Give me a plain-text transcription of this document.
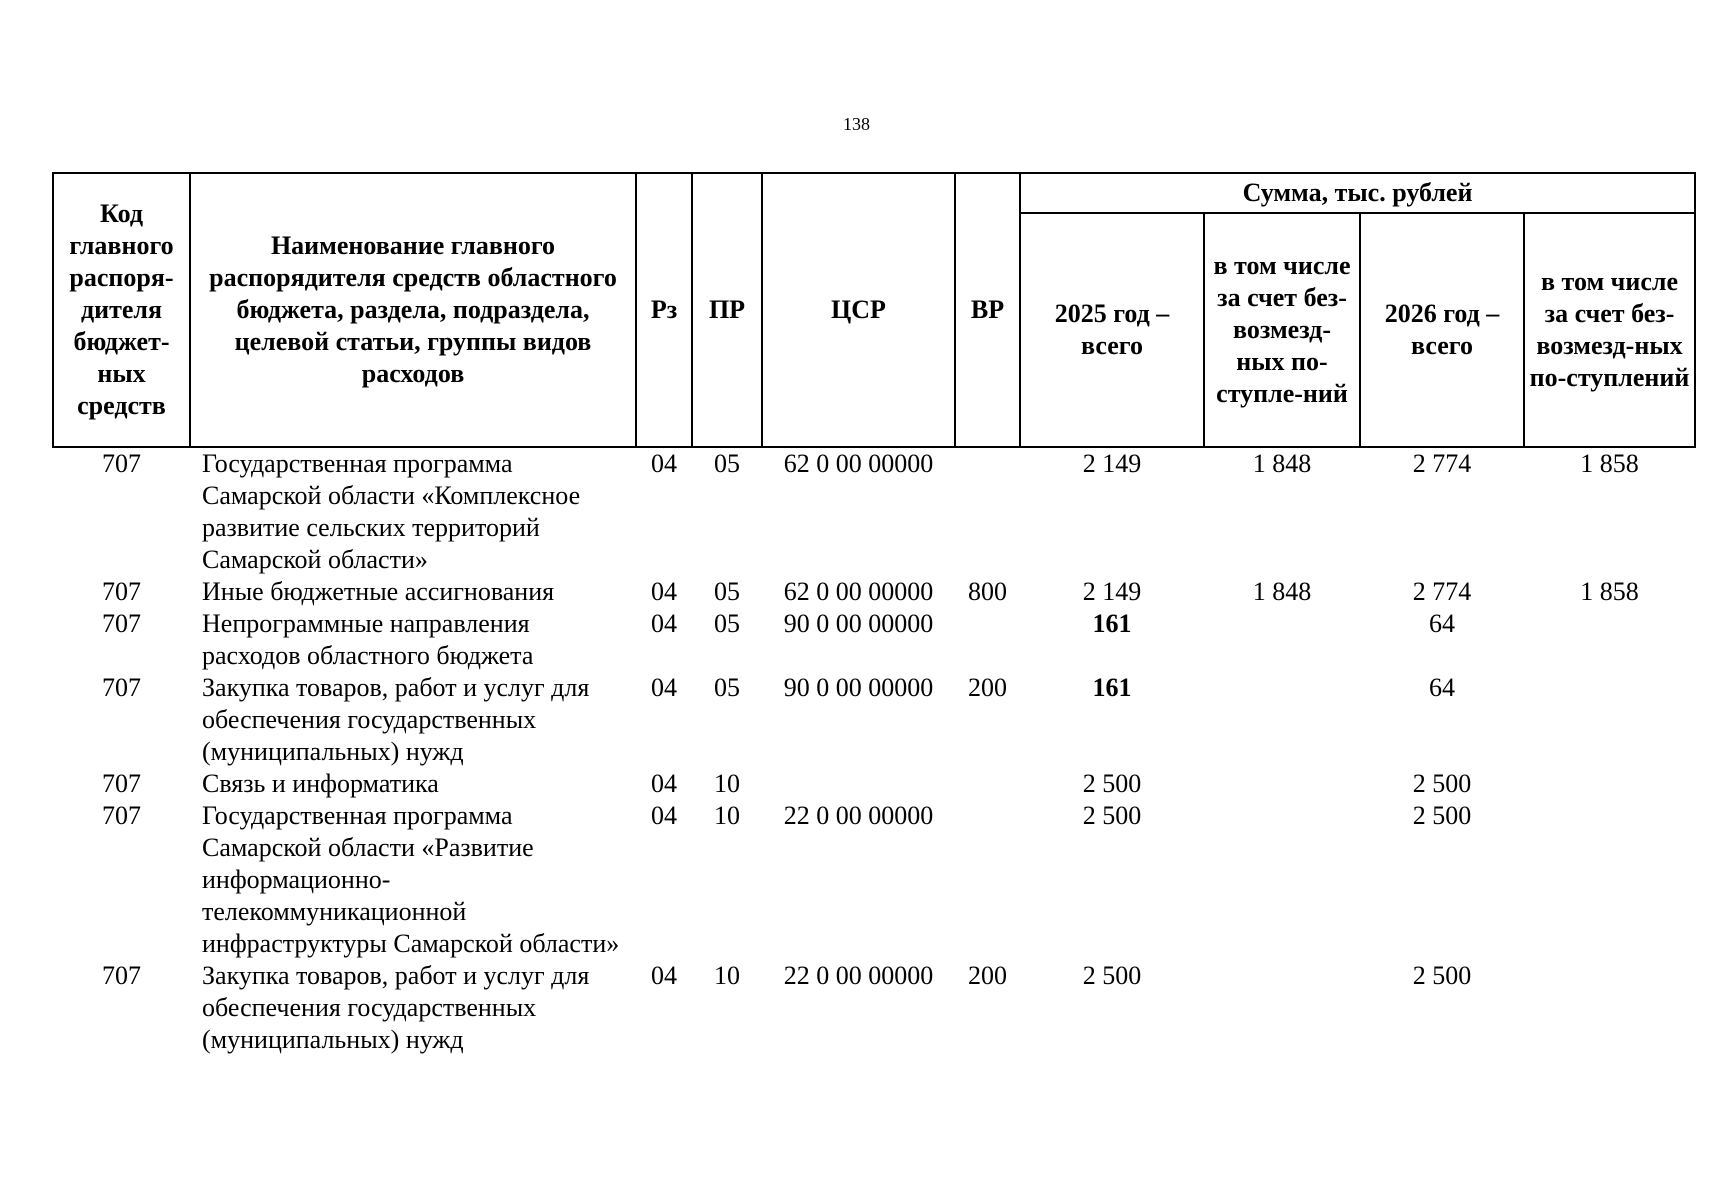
138
Код главного распоря-дителя бюджет-ных средств	Наименование главного распорядителя средств областного бюджета, раздела, подраздела, целевой статьи, группы видов расходов	Рз	ПР	ЦСР	ВР	Сумма, тыс. рублей			
						2025 год – всего	в том числе за счет без-возмезд-ных по-ступле-ний	2026 год – всего	в том числе за счет без-возмезд-ных по-ступлений
707	Государственная программа Самарской области «Комплексное развитие сельских территорий Самарской области»	04	05	62 0 00 00000		2 149	1 848	2 774	1 858
707	Иные бюджетные ассигнования	04	05	62 0 00 00000	800	2 149	1 848	2 774	1 858
707	Непрограммные направления расходов областного бюджета	04	05	90 0 00 00000		161		64	
707	Закупка товаров, работ и услуг для обеспечения государственных (муниципальных) нужд	04	05	90 0 00 00000	200	161		64	
707	Связь и информатика	04	10			2 500		2 500	
707	Государственная программа Самарской области «Развитие информационно-телекоммуникационной инфраструктуры Самарской области»	04	10	22 0 00 00000		2 500		2 500	
707	Закупка товаров, работ и услуг для обеспечения государственных (муниципальных) нужд	04	10	22 0 00 00000	200	2 500		2 500	
